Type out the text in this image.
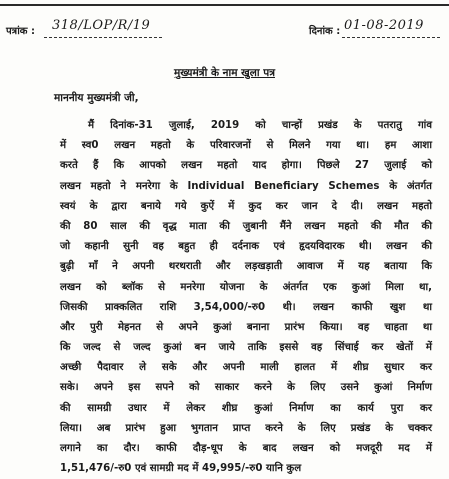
पत्रांक : 318/LOP/R/19	दिनांक : 01-08-2019
मुख्यमंत्री के नाम खुला पत्र
माननीय मुख्यमंत्री जी,
मैं दिनांक-31 जुलाई, 2019 को चान्हों प्रखंड के पतरातु गांव
में स्व0 लखन महतो के परिवारजनों से मिलने गया था। हम आशा
करते हैं कि आपको लखन महतो याद होगा। पिछले 27 जुलाई को
लखन महतो ने मनरेगा के Individual Beneficiary Schemes के अंतर्गत
स्वयं के द्वारा बनाये गये कुऐं में कुद कर जान दे दी। लखन महतो
की 80 साल की वृद्ध माता की जुबानी मैंने लखन महतो की मौत की
जो कहानी सुनी वह बहुत ही दर्दनाक एवं हृदयविदारक थी। लखन की
बुढ़ी माँ ने अपनी थरथराती और लड़खड़ाती आवाज में यह बताया कि
लखन को ब्लॉक से मनरेगा योजना के अंतर्गत एक कुआं मिला था,
जिसकी प्राक्कलित राशि 3,54,000/-रु0 थी। लखन काफी खुश था
और पुरी मेहनत से अपने कुआं बनाना प्रारंभ किया। वह चाहता था
कि जल्द से जल्द कुआं बन जाये ताकि इससे वह सिंचाई कर खेतों में
अच्छी पैदावार ले सके और अपनी माली हालत में शीघ्र सुधार कर
सके। अपने इस सपने को साकार करने के लिए उसने कुआं निर्माण
की सामग्री उधार में लेकर शीघ्र कुआं निर्माण का कार्य पुरा कर
लिया। अब प्रारंभ हुआ भुगतान प्राप्त करने के लिए प्रखंड के चक्कर
लगाने का दौर। काफी दौड़-धूप के बाद लखन को मजदूरी मद में
1,51,476/-रु0 एवं सामग्री मद में 49,995/-रु0 यानि कुल
